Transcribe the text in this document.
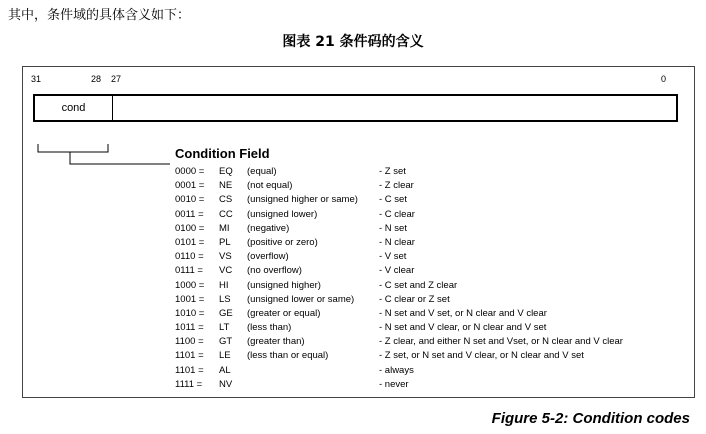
其中，条件域的具体含义如下：
图表 21 条件码的含义
31	28 27	0
cond
Condition Field
0000 = EQ (equal)	- Z set
0001 = NE (not equal)	- Z clear
0010 = CS (unsigned higher or same) - C set
0011 = CC (unsigned lower)	- C clear
0100 = MI (negative)	- N set
0101 = PL (positive or zero)	- N clear
0110 = VS (overflow)	- V set
0111 = VC (no overflow)	- V clear
1000 = HI (unsigned higher)	- C set and Z clear
1001 = LS (unsigned lower or same)	- C clear or Z set
1010 = GE (greater or equal)	- N set and V set, or N clear and V clear
1011 = LT (less than)	- N set and V clear, or N clear and V set
1100 = GT (greater than)	- Z clear, and either N set and Vset, or N clear and V clear
1101 = LE (less than or equal)	- Z set, or N set and V clear, or N clear and V set
1101 = AL	- always
1111 = NV	- never
Figure 5-2: Condition codes
